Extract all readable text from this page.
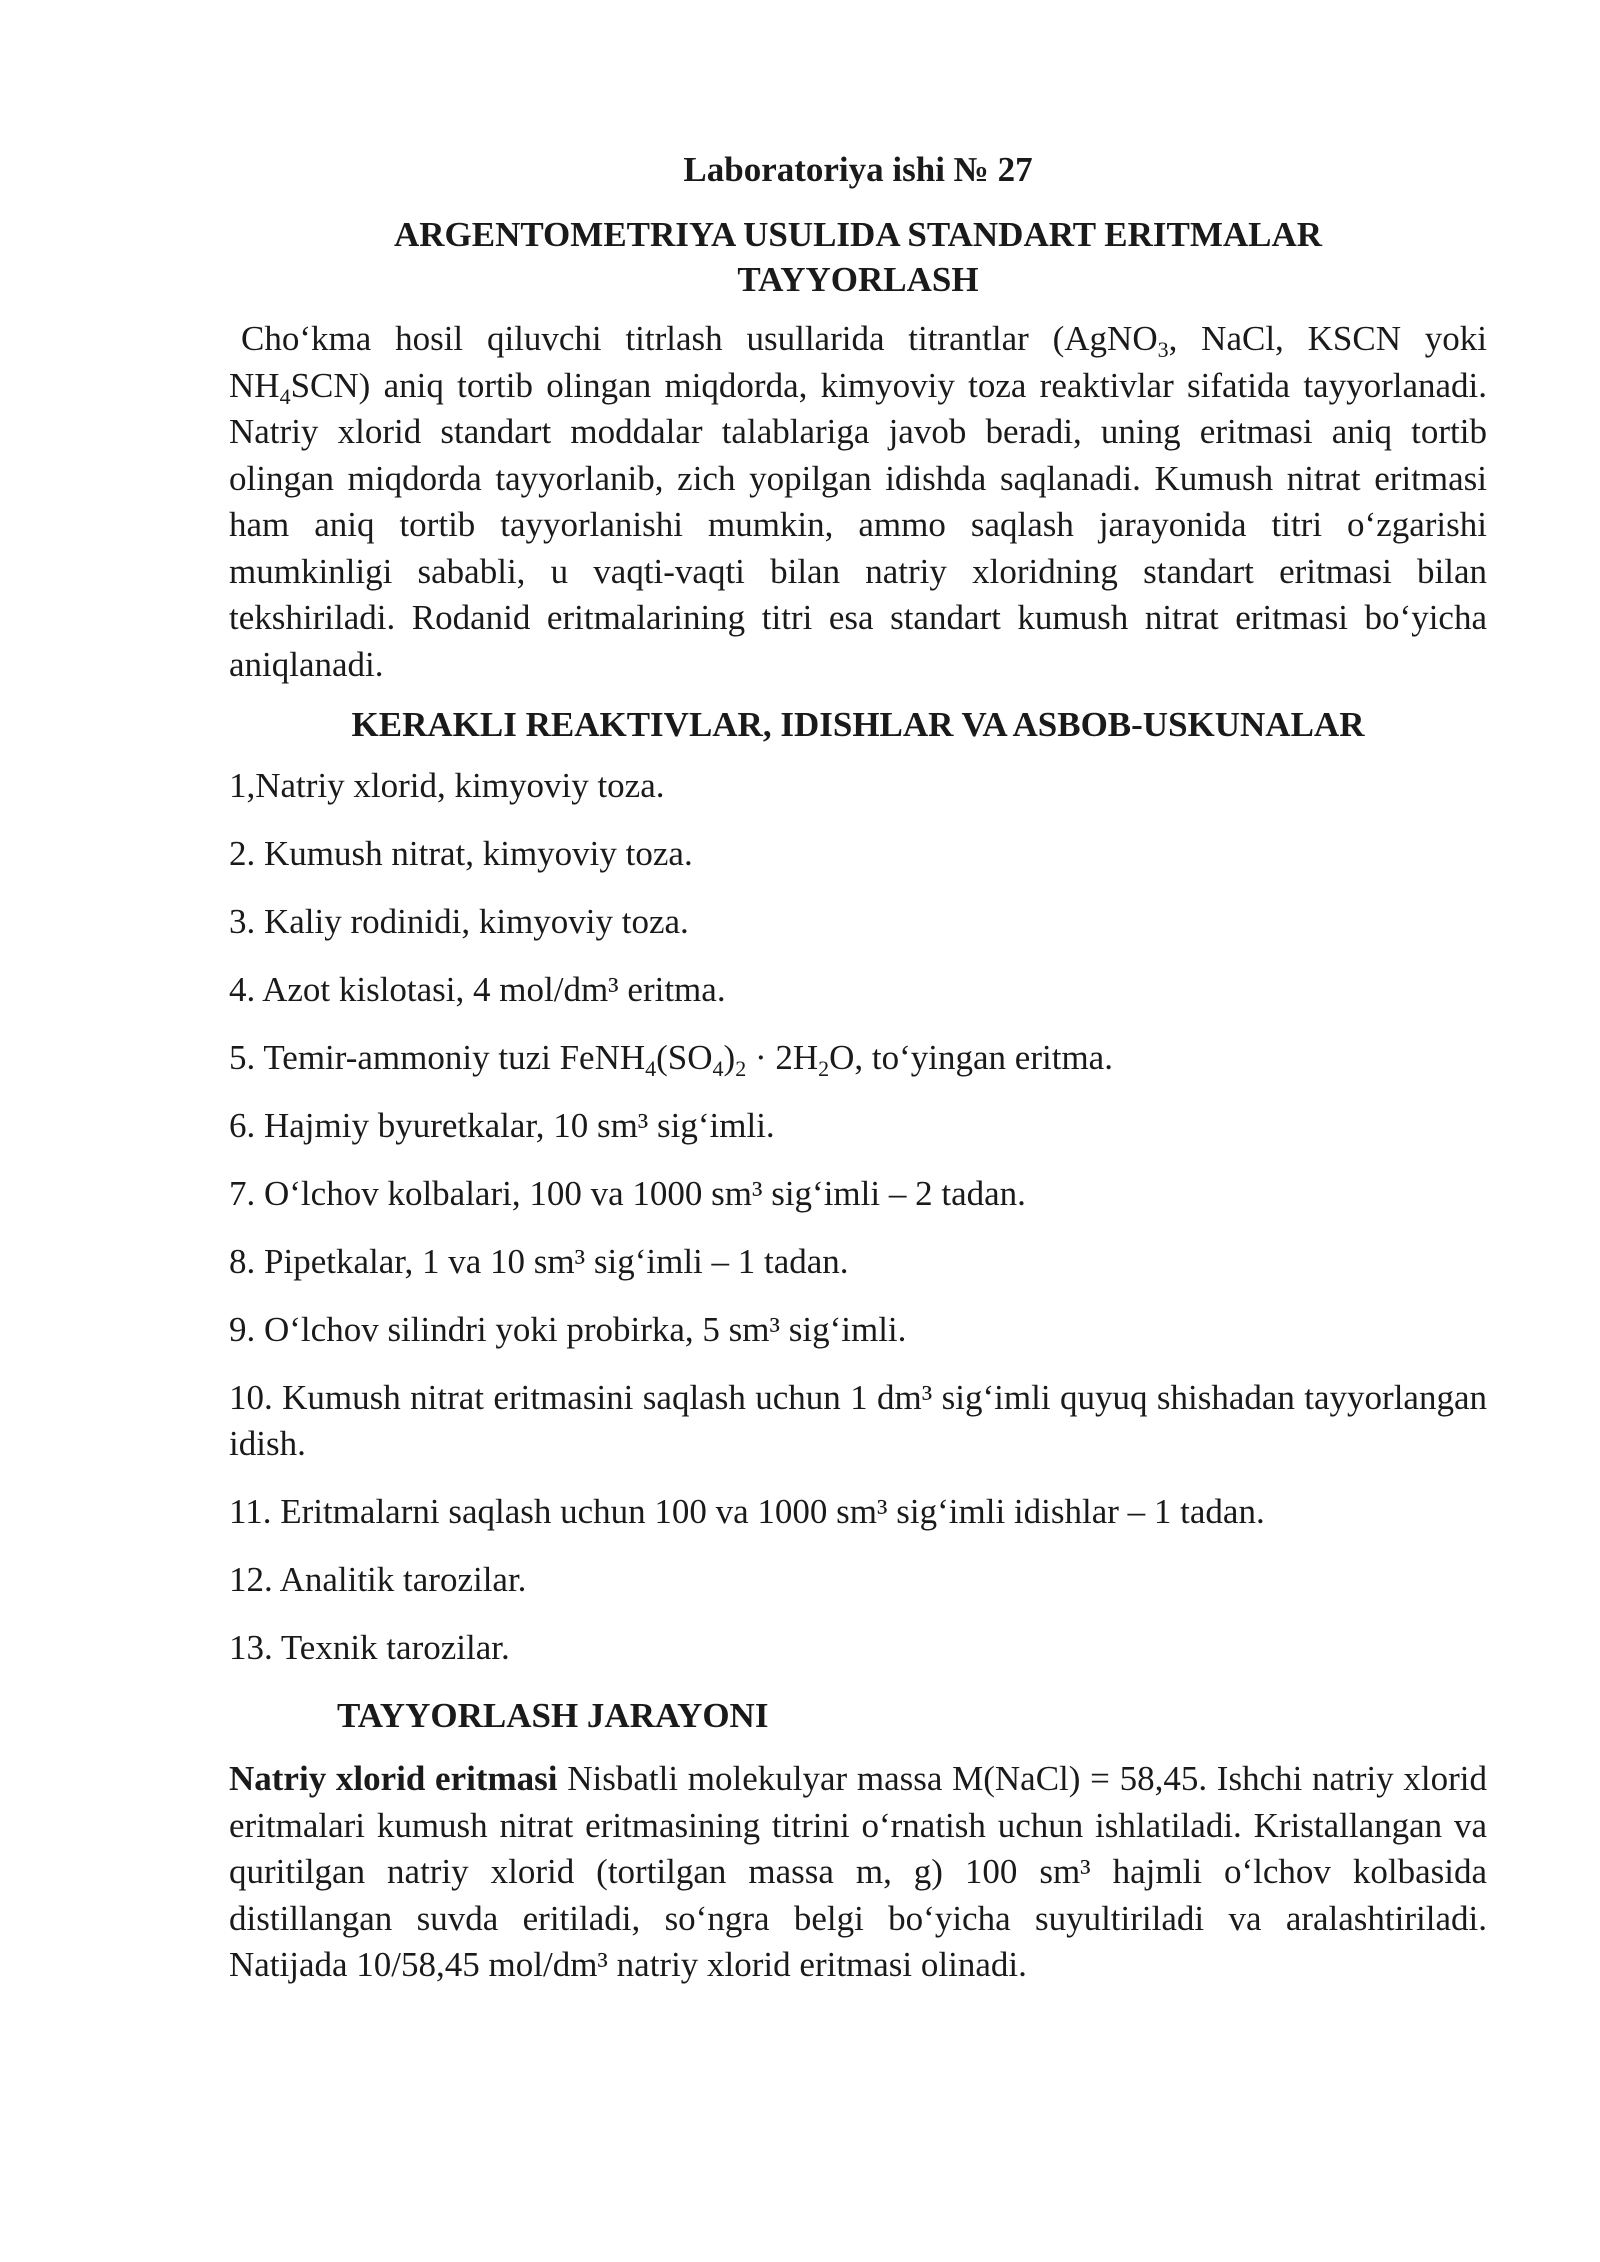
Laboratoriya ishi № 27
ARGENTOMETRIYA USULIDA STANDART ERITMALAR
TAYYORLASH

Cho‘kma hosil qiluvchi titrlash usullarida titrantlar (AgNO$_3$, NaCl, KSCN yoki $NH_4SCN$) aniq tortib olingan miqdorda, kimyoviy toza reaktivlar sifatida tayyorlanadi. Natriy xlorid standart moddalar talablariga javob beradi, uning eritmasi aniq tortib olingan miqdorda tayyorlanib, zich yopilgan idishda saqlanadi. Kumush nitrat eritmasi ham aniq tortib tayyorlanishi mumkin, ammo saqlash jarayonida titri o‘zgarishi mumkinligi sababli, u vaqti-vaqti bilan natriy xloridning standart eritmasi bilan tekshiriladi. Rodanid eritmalarining titri esa standart kumush nitrat eritmasi bo‘yicha aniqlanadi.

KERAKLI REAKTIVLAR, IDISHLAR VA ASBOB-USKUNALAR
1,Natriy xlorid, kimyoviy toza.
2. Kumush nitrat, kimyoviy toza.
3. Kaliy rodinidi, kimyoviy toza.
4. Azot kislotasi, 4 mol/dm³ eritma.
5. Temir-ammoniy tuzi $FeNH_4(SO_4)_2 \cdot 2H_2O$, to‘yingan eritma.
6. Hajmiy byuretkalar, 10 sm³ sig‘imli.
7. O‘lchov kolbalari, 100 va 1000 sm³ sig‘imli – 2 tadan.
8. Pipetkalar, 1 va 10 sm³ sig‘imli – 1 tadan.
9. O‘lchov silindri yoki probirka, 5 sm³ sig‘imli.
10. Kumush nitrat eritmasini saqlash uchun 1 dm³ sig‘imli quyuq shishadan tayyorlangan idish.
11. Eritmalarni saqlash uchun 100 va 1000 sm³ sig‘imli idishlar – 1 tadan.
12. Analitik tarozilar.
13. Texnik tarozilar.
TAYYORLASH JARAYONI

Natriy xlorid eritmasi Nisbatli molekulyar massa M(NaCl) = 58,45. Ishchi natriy xlorid eritmalari kumush nitrat eritmasining titrini o‘rnatish uchun ishlatiladi. Kristallangan va quritilgan natriy xlorid (tortilgan massa m, g) 100 sm³ hajmli o‘lchov kolbasida distillangan suvda eritiladi, so‘ngra belgi bo‘yicha suyultiriladi va aralashtiriladi. Natijada 10/58,45 mol/dm³ natriy xlorid eritmasi olinadi.
